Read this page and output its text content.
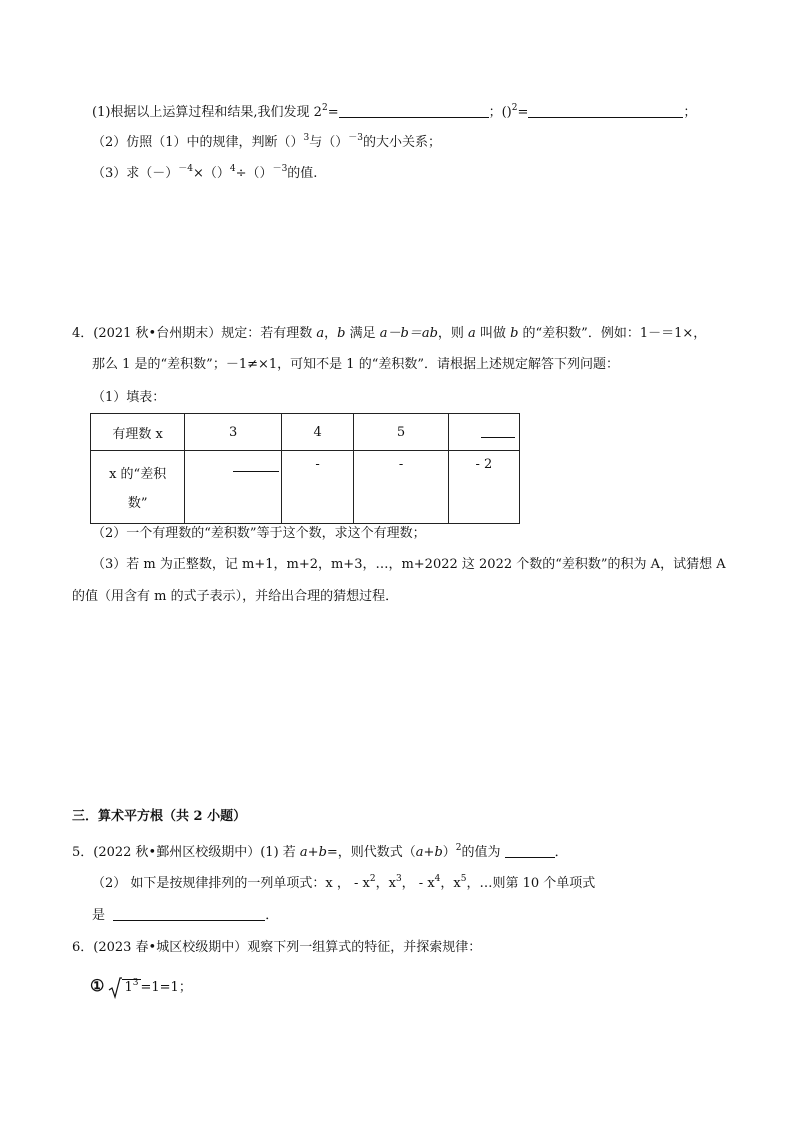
(1)根据以上运算过程和结果,我们发现 $2^2=$	；()$^2$=	；
（2）仿照（1）中的规律，判断（）$^3$与（）$^{-3}$的大小关系；
（3）求$(-)^{-4}\times()^4\div()^{-3}$的值.
4．(2021 秋•台州期末）规定：若有理数 a，b 满足 a－b＝ab，则 a 叫做 b 的“差积数”．例如：1－＝1×，
那么 1 是的“差积数”；－1≠×1，可知不是 1 的“差积数”．请根据上述规定解答下列问题：
（1）填表：
有理数 x	3	4	5	

x 的“差积
数”		-	-	- 2
（2）一个有理数的“差积数”等于这个数，求这个有理数；
（3）若 m 为正整数，记 m+1，m+2，m+3，…，m+2022 这 2022 个数的“差积数”的积为 A，试猜想 A
的值（用含有 m 的式子表示），并给出合理的猜想过程．
三．算术平方根（共 2 小题）
5．(2022 秋•鄞州区校级期中）(1) 若 a+b=，则代数式$(a+b)^2$的值为	．
（2） 如下是按规律排列的一列单项式：x ， - $x^2$，$x^3$， - $x^4$，$x^5$，…则第 10 个单项式
是	．
6．(2023 春•城区校级期中）观察下列一组算式的特征，并探索规律：
① $1^3 =1=1$；
